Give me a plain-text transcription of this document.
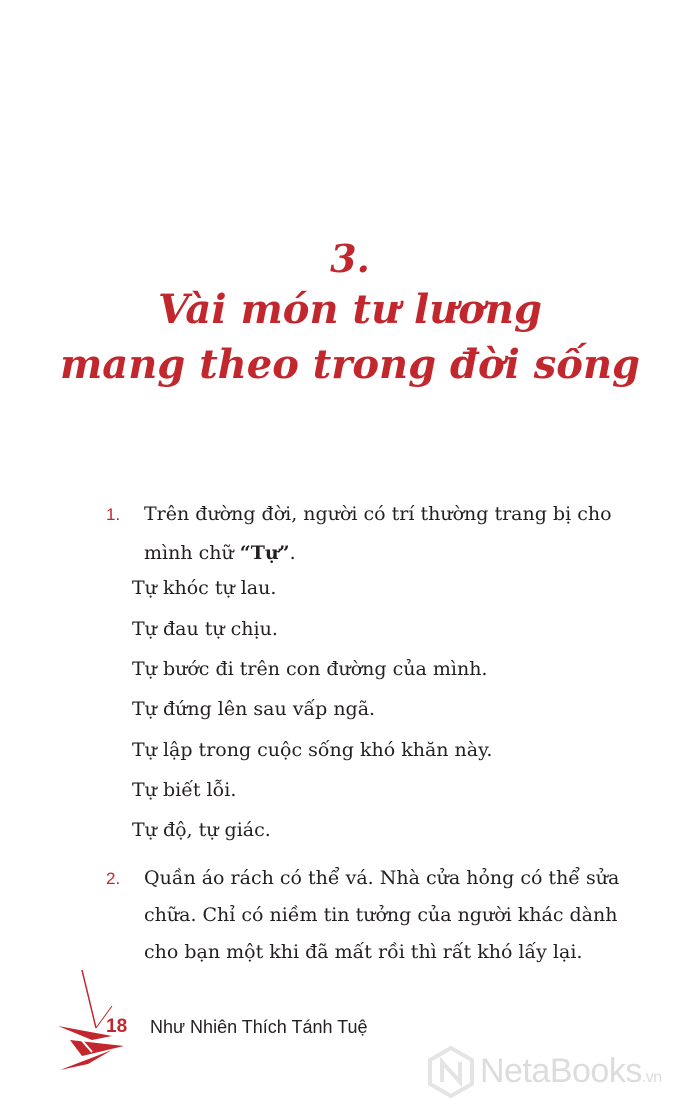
3.
Vài món tư lương
mang theo trong đời sống
1. Trên đường đời, người có trí thường trang bị cho
mình chữ “Tự”.
Tự khóc tự lau.
Tự đau tự chịu.
Tự bước đi trên con đường của mình.
Tự đứng lên sau vấp ngã.
Tự lập trong cuộc sống khó khăn này.
Tự biết lỗi.
Tự độ, tự giác.
2. Quần áo rách có thể vá. Nhà cửa hỏng có thể sửa
chữa. Chỉ có niềm tin tưởng của người khác dành
cho bạn một khi đã mất rồi thì rất khó lấy lại.
18 Như Nhiên Thích Tánh Tuệ
NetaBooks.vn
